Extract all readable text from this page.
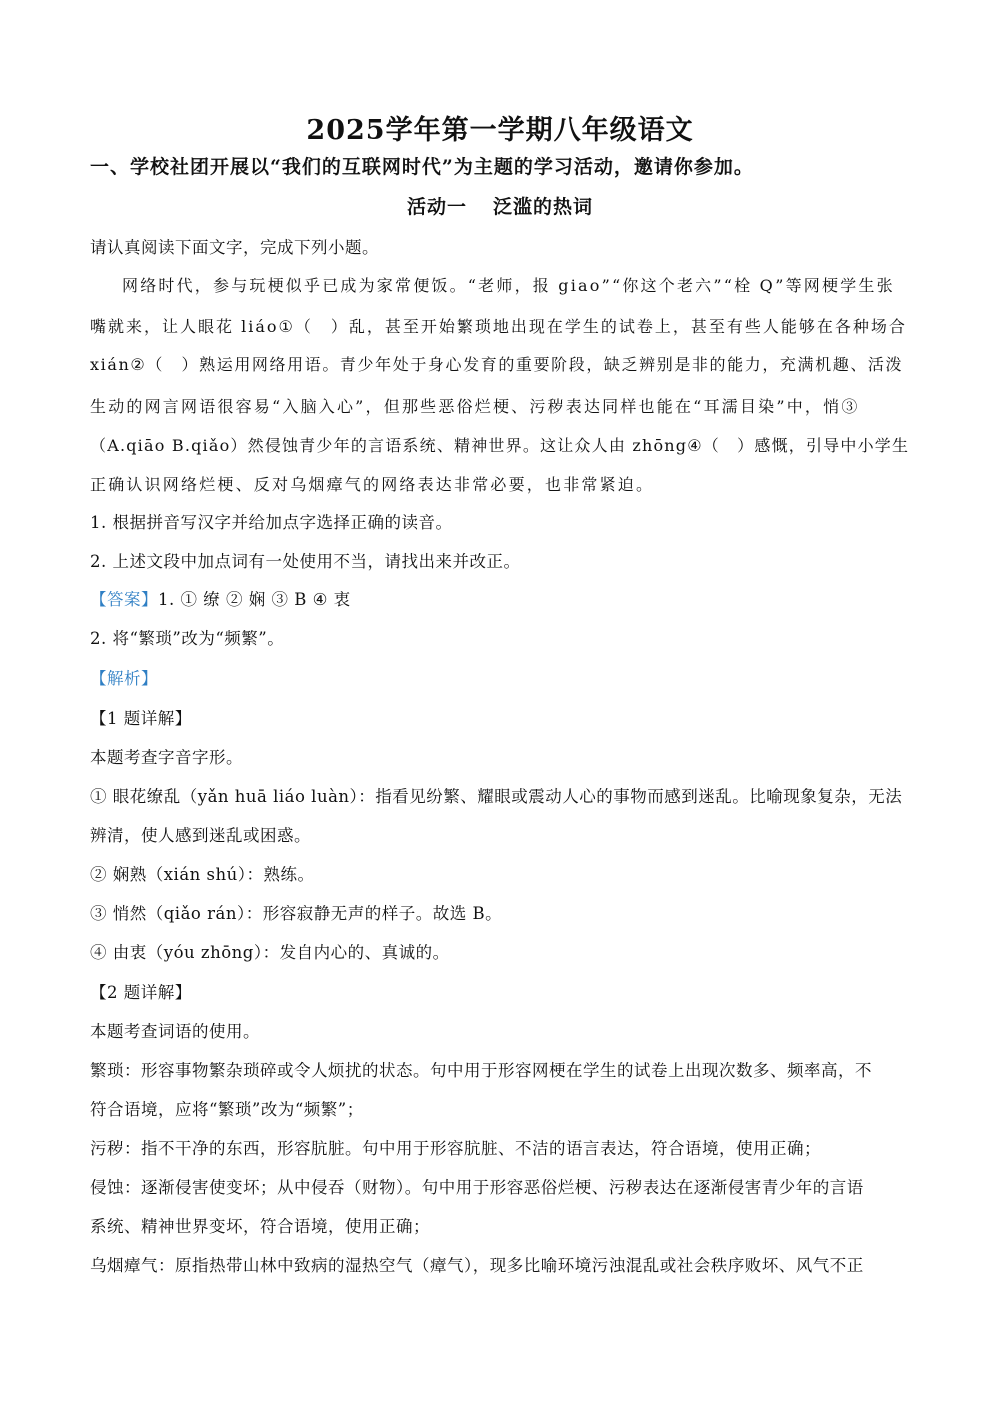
2025学年第一学期八年级语文
一、学校社团开展以“我们的互联网时代”为主题的学习活动，邀请你参加。
活动一 泛滥的热词
请认真阅读下面文字，完成下列小题。
网络时代，参与玩梗似乎已成为家常便饭。“老师，报 giao”“你这个老六”“栓 Q”等网梗学生张
嘴就来，让人眼花 liáo①（　）乱，甚至开始繁琐地出现在学生的试卷上，甚至有些人能够在各种场合
xián②（　）熟运用网络用语。青少年处于身心发育的重要阶段，缺乏辨别是非的能力，充满机趣、活泼
生动的网言网语很容易“入脑入心”，但那些恶俗烂梗、污秽表达同样也能在“耳濡目染”中，悄③
（A.qiāo B.qiǎo）然侵蚀青少年的言语系统、精神世界。这让众人由 zhōng④（　）感慨，引导中小学生
正确认识网络烂梗、反对乌烟瘴气的网络表达非常必要，也非常紧迫。
1. 根据拼音写汉字并给加点字选择正确的读音。
2. 上述文段中加点词有一处使用不当，请找出来并改正。
【答案】1. ① 缭 ② 娴 ③ B ④ 衷
2. 将“繁琐”改为“频繁”。
【解析】
【1 题详解】
本题考查字音字形。
① 眼花缭乱（yǎn huā liáo luàn）：指看见纷繁、耀眼或震动人心的事物而感到迷乱。比喻现象复杂，无法
辨清，使人感到迷乱或困惑。
② 娴熟（xián shú）：熟练。
③ 悄然（qiǎo rán）：形容寂静无声的样子。故选 B。
④ 由衷（yóu zhōng）：发自内心的、真诚的。
【2 题详解】
本题考查词语的使用。
繁琐：形容事物繁杂琐碎或令人烦扰的状态。句中用于形容网梗在学生的试卷上出现次数多、频率高，不
符合语境，应将“繁琐”改为“频繁”；
污秽：指不干净的东西，形容肮脏。句中用于形容肮脏、不洁的语言表达，符合语境，使用正确；
侵蚀：逐渐侵害使变坏；从中侵吞（财物）。句中用于形容恶俗烂梗、污秽表达在逐渐侵害青少年的言语
系统、精神世界变坏，符合语境，使用正确；
乌烟瘴气：原指热带山林中致病的湿热空气（瘴气），现多比喻环境污浊混乱或社会秩序败坏、风气不正
